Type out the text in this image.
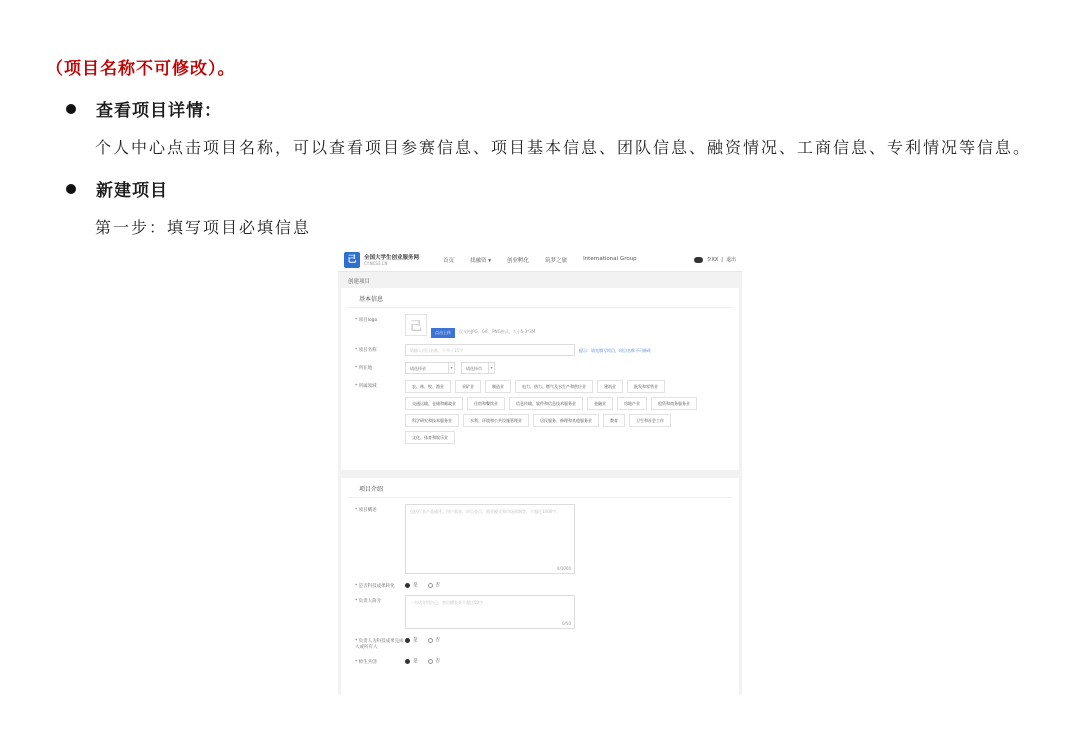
（项目名称不可修改）。
查看项目详情：
个人中心点击项目名称，可以查看项目参赛信息、项目基本信息、团队信息、融资情况、工商信息、专利情况等信息。
新建项目
第一步：填写项目必填信息
己	全国大学生创业服务网
CY.NCSS.CN	首页	找融资 ▾	创业孵化	筑梦之旅	International Group	李XX | 退出
创建项目
基本信息
* 项目logo	己	点击上传	仅支持JPG、GIF、PNG格式，大小5-3*3M
* 项目名称	请输入项目名称，不多于15字	提示：请先填写项目，项目名称不可修改
* 所在地	请选择省	▾	请选择市	▾
* 所属领域	农、林、牧、渔业	采矿业	制造业	电力、热力、燃气及水生产和供应业	建筑业	批发和零售业
交通运输、仓储和邮政业	住宿和餐饮业	信息传输、软件和信息技术服务业	金融业	房地产业	租赁和商务服务业
科学研究和技术服务业	水利、环境和公共设施管理业	居民服务、修理和其他服务业	教育	卫生和社会工作
文化、体育和娱乐业
项目介绍
* 项目概述	包括行业产品描述、用户需求、项目亮点，商业模式和市场预期等，不超过1000字。
0/1000
* 是否科技成果转化	是	否
* 负责人简介	一句话介绍自己，突出擅长并不超过50字
0/50
* 负责人为科技成果完成人或所有人
是	否
* 师生共创	是	否
